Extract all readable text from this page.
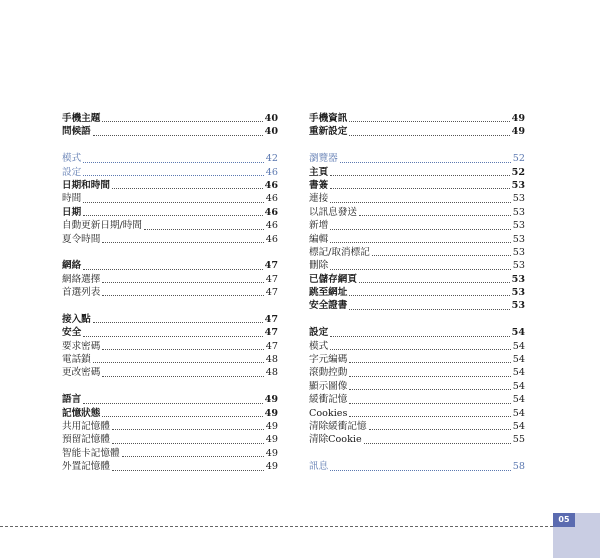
手機主題	40
問候語	40
模式	42
設定	46
日期和時間	46
時間	46
日期	46
自動更新日期/時間	46
夏令時間	46
網絡	47
網絡選擇	47
首選列表	47
接入點	47
安全	47
要求密碼	47
電話鎖	48
更改密碼	48
語言	49
記憶狀態	49
共用記憶體	49
預留記憶體	49
智能卡記憶體	49
外置記憶體	49
手機資訊	49
重新設定	49
瀏覽器	52
主頁	52
書簽	53
連接	53
以訊息發送	53
新增	53
編輯	53
標記/取消標記	53
刪除	53
已儲存網頁	53
跳至網址	53
安全證書	53
設定	54
模式	54
字元編碼	54
滾動控動	54
顯示圖像	54
緩衝記憶	54
Cookies	54
清除緩衝記憶	54
清除Cookie	55
訊息	58
05
